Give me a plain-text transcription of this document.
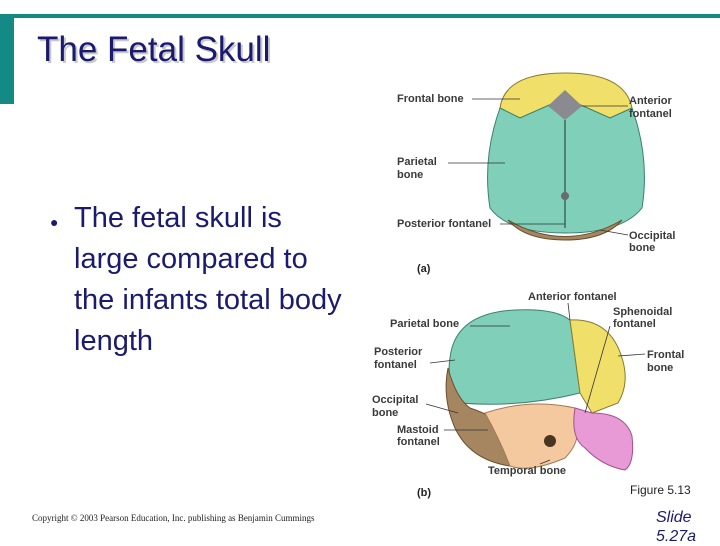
The Fetal Skull
● The fetal skull is large compared to the infants total body length
Frontal bone	Anterior
fontanel
Parietal
bone
Posterior fontanel
Occipital
bone
(a)
Anterior fontanel
Parietal bone
Sphenoidal
fontanel
Posterior
fontanel
Frontal
bone
Occipital
bone
Mastoid
fontanel
Temporal bone
(b)	Figure 5.13
Copyright © 2003 Pearson Education, Inc. publishing as Benjamin Cummings	Slide 5.27a
